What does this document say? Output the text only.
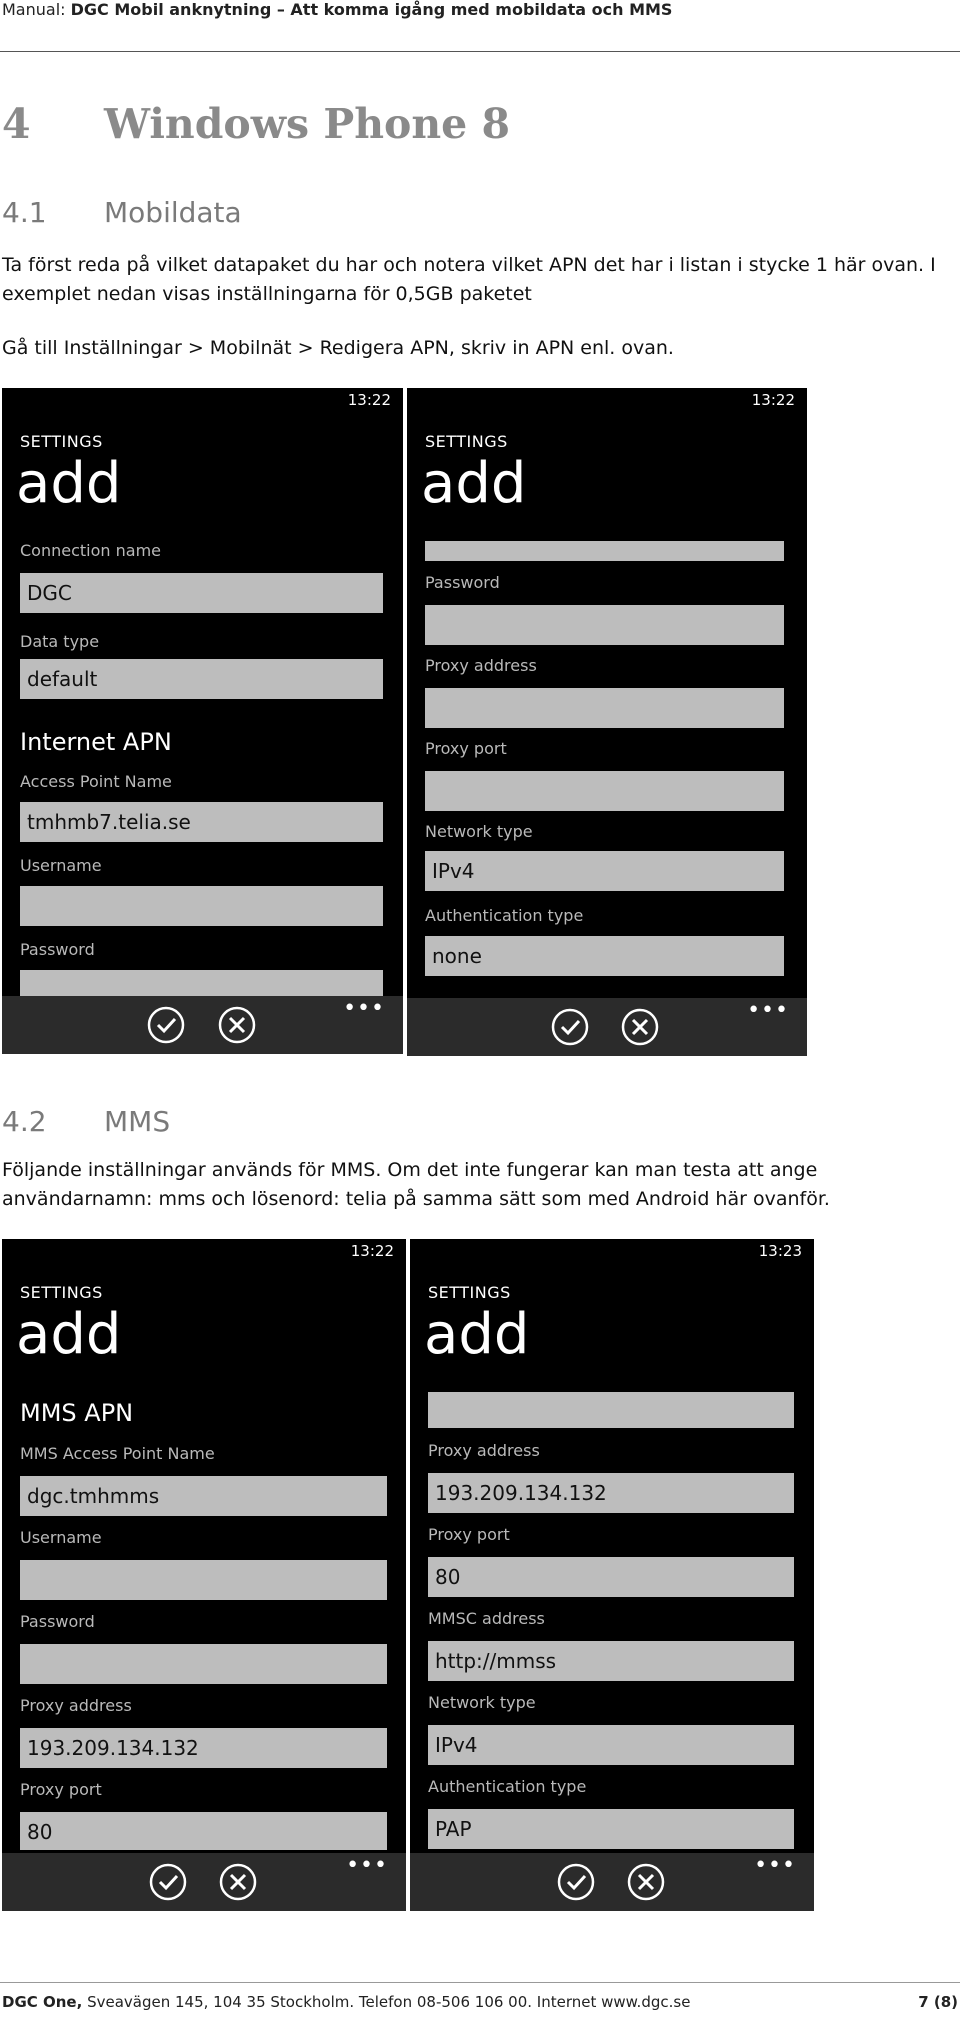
Manual: DGC Mobil anknytning – Att komma igång med mobildata och MMS
4 Windows Phone 8
4.1 Mobildata

Ta först reda på vilket datapaket du har och notera vilket APN det har i listan i stycke 1 här ovan. I exemplet nedan visas inställningarna för 0,5GB paketet

Gå till Inställningar > Mobilnät > Redigera APN, skriv in APN enl. ovan.

13:22
SETTINGS
add
Connection name
DGC
Data type
default
Internet APN
Access Point Name
tmhmb7.telia.se
Username
Password
•••
13:22
SETTINGS
add
Password
Proxy address
Proxy port
Network type
IPv4
Authentication type
none
•••
4.2 MMS

Följande inställningar används för MMS. Om det inte fungerar kan man testa att ange användarnamn: mms och lösenord: telia på samma sätt som med Android här ovanför.

13:22
SETTINGS
add
MMS APN
MMS Access Point Name
dgc.tmhmms
Username
Password
Proxy address
193.209.134.132
Proxy port
80
•••
13:23
SETTINGS
add
Proxy address
193.209.134.132
Proxy port
80
MMSC address
http://mmss
Network type
IPv4
Authentication type
PAP
•••
DGC One, Sveavägen 145, 104 35 Stockholm. Telefon 08-506 106 00. Internet www.dgc.se	7 (8)
